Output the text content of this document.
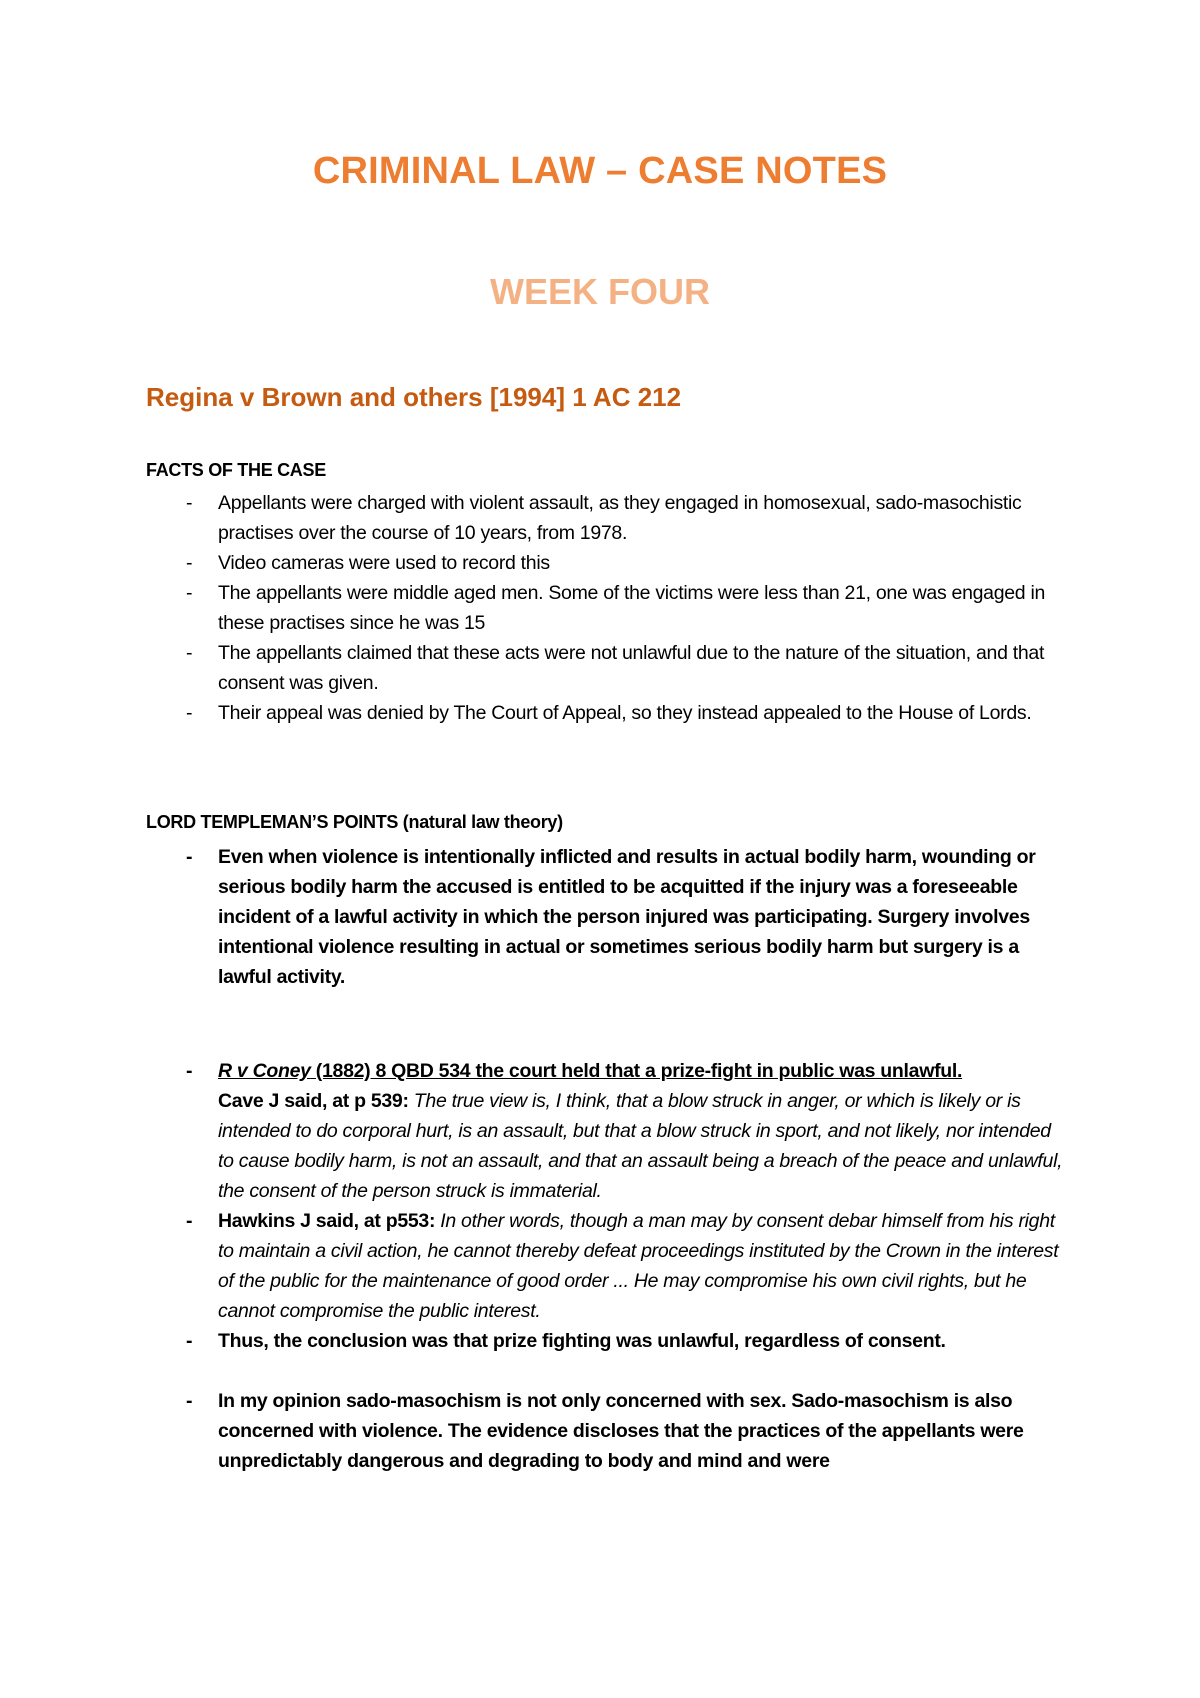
CRIMINAL LAW – CASE NOTES
WEEK FOUR
Regina v Brown and others [1994] 1 AC 212
FACTS OF THE CASE
- Appellants were charged with violent assault, as they engaged in homosexual, sado-masochistic practises over the course of 10 years, from 1978.
- Video cameras were used to record this
- The appellants were middle aged men. Some of the victims were less than 21, one was engaged in these practises since he was 15
- The appellants claimed that these acts were not unlawful due to the nature of the situation, and that consent was given.
- Their appeal was denied by The Court of Appeal, so they instead appealed to the House of Lords.
LORD TEMPLEMAN’S POINTS (natural law theory)
- Even when violence is intentionally inflicted and results in actual bodily harm, wounding or serious bodily harm the accused is entitled to be acquitted if the injury was a foreseeable incident of a lawful activity in which the person injured was participating. Surgery involves intentional violence resulting in actual or sometimes serious bodily harm but surgery is a lawful activity.
- R v Coney (1882) 8 QBD 534 the court held that a prize-fight in public was unlawful.
Cave J said, at p 539: The true view is, I think, that a blow struck in anger, or which is likely or is intended to do corporal hurt, is an assault, but that a blow struck in sport, and not likely, nor intended to cause bodily harm, is not an assault, and that an assault being a breach of the peace and unlawful, the consent of the person struck is immaterial.
- Hawkins J said, at p553: In other words, though a man may by consent debar himself from his right to maintain a civil action, he cannot thereby defeat proceedings instituted by the Crown in the interest of the public for the maintenance of good order ... He may compromise his own civil rights, but he cannot compromise the public interest.
- Thus, the conclusion was that prize fighting was unlawful, regardless of consent.
- In my opinion sado-masochism is not only concerned with sex. Sado-masochism is also concerned with violence. The evidence discloses that the practices of the appellants were unpredictably dangerous and degrading to body and mind and were
